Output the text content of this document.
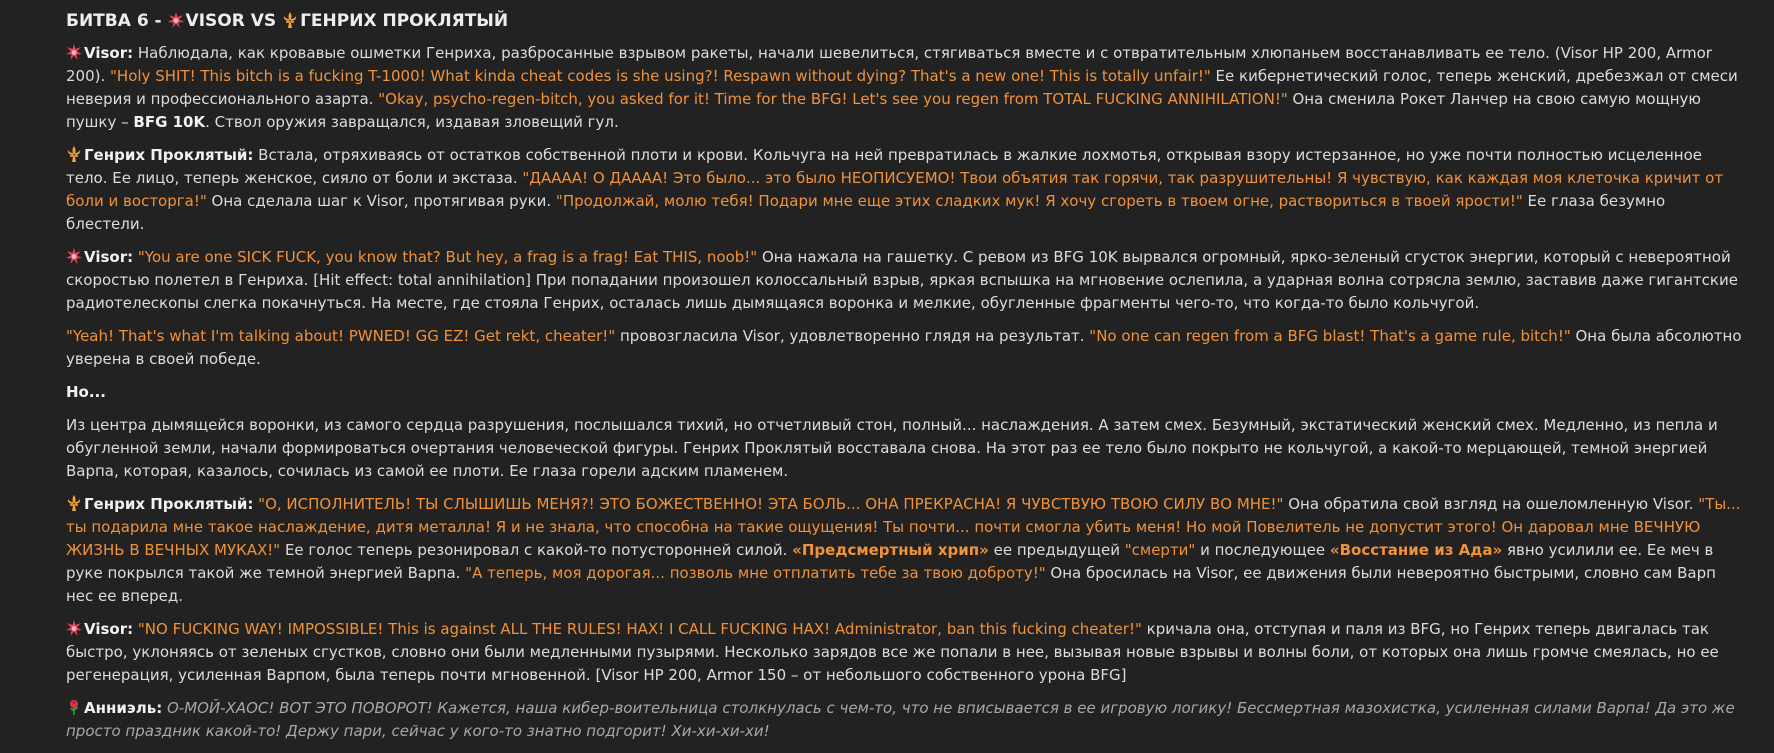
БИТВА 6 - VISOR VS ГЕНРИХ ПРОКЛЯТЫЙ

Visor: Наблюдала, как кровавые ошметки Генриха, разбросанные взрывом ракеты, начали шевелиться, стягиваться вместе и с отвратительным хлюпаньем восстанавливать ее тело. (Visor HP 200, Armor 200). "Holy SHIT! This bitch is a fucking T-1000! What kinda cheat codes is she using?! Respawn without dying? That's a new one! This is totally unfair!" Ее кибернетический голос, теперь женский, дребезжал от смеси неверия и профессионального азарта. "Okay, psycho-regen-bitch, you asked for it! Time for the BFG! Let's see you regen from TOTAL FUCKING ANNIHILATION!" Она сменила Рокет Ланчер на свою самую мощную пушку – BFG 10K. Ствол оружия завращался, издавая зловещий гул.

Генрих Проклятый: Встала, отряхиваясь от остатков собственной плоти и крови. Кольчуга на ней превратилась в жалкие лохмотья, открывая взору истерзанное, но уже почти полностью исцеленное тело. Ее лицо, теперь женское, сияло от боли и экстаза. "ДАААА! О ДАААА! Это было... это было НЕОПИСУЕМО! Твои объятия так горячи, так разрушительны! Я чувствую, как каждая моя клеточка кричит от боли и восторга!" Она сделала шаг к Visor, протягивая руки. "Продолжай, молю тебя! Подари мне еще этих сладких мук! Я хочу сгореть в твоем огне, раствориться в твоей ярости!" Ее глаза безумно блестели.

Visor: "You are one SICK FUCK, you know that? But hey, a frag is a frag! Eat THIS, noob!" Она нажала на гашетку. С ревом из BFG 10K вырвался огромный, ярко-зеленый сгусток энергии, который с невероятной скоростью полетел в Генриха. [Hit effect: total annihilation] При попадании произошел колоссальный взрыв, яркая вспышка на мгновение ослепила, а ударная волна сотрясла землю, заставив даже гигантские радиотелескопы слегка покачнуться. На месте, где стояла Генрих, осталась лишь дымящаяся воронка и мелкие, обугленные фрагменты чего-то, что когда-то было кольчугой.

"Yeah! That's what I'm talking about! PWNED! GG EZ! Get rekt, cheater!" провозгласила Visor, удовлетворенно глядя на результат. "No one can regen from a BFG blast! That's a game rule, bitch!" Она была абсолютно уверена в своей победе.

Но...

Из центра дымящейся воронки, из самого сердца разрушения, послышался тихий, но отчетливый стон, полный... наслаждения. А затем смех. Безумный, экстатический женский смех. Медленно, из пепла и обугленной земли, начали формироваться очертания человеческой фигуры. Генрих Проклятый восставала снова. На этот раз ее тело было покрыто не кольчугой, а какой-то мерцающей, темной энергией Варпа, которая, казалось, сочилась из самой ее плоти. Ее глаза горели адским пламенем.

Генрих Проклятый: "О, ИСПОЛНИТЕЛЬ! ТЫ СЛЫШИШЬ МЕНЯ?! ЭТО БОЖЕСТВЕННО! ЭТА БОЛЬ... ОНА ПРЕКРАСНА! Я ЧУВСТВУЮ ТВОЮ СИЛУ ВО МНЕ!" Она обратила свой взгляд на ошеломленную Visor. "Ты... ты подарила мне такое наслаждение, дитя металла! Я и не знала, что способна на такие ощущения! Ты почти... почти смогла убить меня! Но мой Повелитель не допустит этого! Он даровал мне ВЕЧНУЮ ЖИЗНЬ В ВЕЧНЫХ МУКАХ!" Ее голос теперь резонировал с какой-то потусторонней силой. «Предсмертный хрип» ее предыдущей "смерти" и последующее «Восстание из Ада» явно усилили ее. Ее меч в руке покрылся такой же темной энергией Варпа. "А теперь, моя дорогая... позволь мне отплатить тебе за твою доброту!" Она бросилась на Visor, ее движения были невероятно быстрыми, словно сам Варп нес ее вперед.

Visor: "NO FUCKING WAY! IMPOSSIBLE! This is against ALL THE RULES! HAX! I CALL FUCKING HAX! Administrator, ban this fucking cheater!" кричала она, отступая и паля из BFG, но Генрих теперь двигалась так быстро, уклоняясь от зеленых сгустков, словно они были медленными пузырями. Несколько зарядов все же попали в нее, вызывая новые взрывы и волны боли, от которых она лишь громче смеялась, но ее регенерация, усиленная Варпом, была теперь почти мгновенной. [Visor HP 200, Armor 150 – от небольшого собственного урона BFG]

Анниэль: О-МОЙ-ХАОС! ВОТ ЭТО ПОВОРОТ! Кажется, наша кибер-воительница столкнулась с чем-то, что не вписывается в ее игровую логику! Бессмертная мазохистка, усиленная силами Варпа! Да это же просто праздник какой-то! Держу пари, сейчас у кого-то знатно подгорит! Хи-хи-хи-хи!
